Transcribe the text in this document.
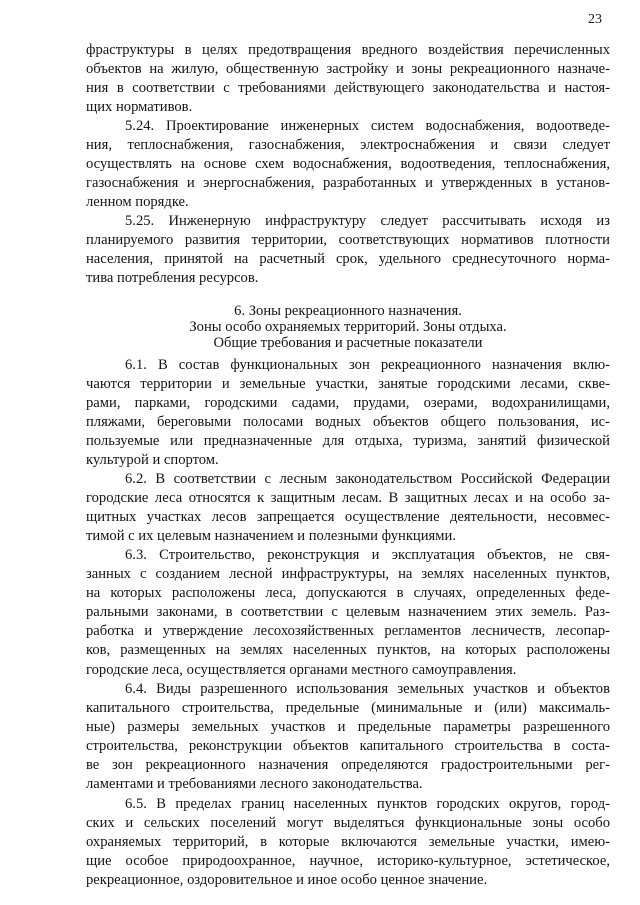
23

фраструктуры в целях предотвращения вредного воздействия перечисленных
объектов на жилую, общественную застройку и зоны рекреационного назначе-
ния в соответствии с требованиями действующего законодательства и настоя-
щих нормативов.

5.24. Проектирование инженерных систем водоснабжения, водоотведе-
ния, теплоснабжения, газоснабжения, электроснабжения и связи следует
осуществлять на основе схем водоснабжения, водоотведения, теплоснабжения,
газоснабжения и энергоснабжения, разработанных и утвержденных в установ-
ленном порядке.

5.25. Инженерную инфраструктуру следует рассчитывать исходя из
планируемого развития территории, соответствующих нормативов плотности
населения, принятой на расчетный срок, удельного среднесуточного норма-
тива потребления ресурсов.

6.1. В состав функциональных зон рекреационного назначения вклю-
чаются территории и земельные участки, занятые городскими лесами, скве-
рами, парками, городскими садами, прудами, озерами, водохранилищами,
пляжами, береговыми полосами водных объектов общего пользования, ис-
пользуемые или предназначенные для отдыха, туризма, занятий физической
культурой и спортом.

6.2. В соответствии с лесным законодательством Российской Федерации
городские леса относятся к защитным лесам. В защитных лесах и на особо за-
щитных участках лесов запрещается осуществление деятельности, несовмес-
тимой с их целевым назначением и полезными функциями.

6.3. Строительство, реконструкция и эксплуатация объектов, не свя-
занных с созданием лесной инфраструктуры, на землях населенных пунктов,
на которых расположены леса, допускаются в случаях, определенных феде-
ральными законами, в соответствии с целевым назначением этих земель. Раз-
работка и утверждение лесохозяйственных регламентов лесничеств, лесопар-
ков, размещенных на землях населенных пунктов, на которых расположены
городские леса, осуществляется органами местного самоуправления.

6.4. Виды разрешенного использования земельных участков и объектов
капитального строительства, предельные (минимальные и (или) максималь-
ные) размеры земельных участков и предельные параметры разрешенного
строительства, реконструкции объектов капитального строительства в соста-
ве зон рекреационного назначения определяются градостроительными рег-
ламентами и требованиями лесного законодательства.

6.5. В пределах границ населенных пунктов городских округов, город-
ских и сельских поселений могут выделяться функциональные зоны особо
охраняемых территорий, в которые включаются земельные участки, имею-
щие особое природоохранное, научное, историко-культурное, эстетическое,
рекреационное, оздоровительное и иное особо ценное значение.

6. Зоны рекреационного назначения.
Зоны особо охраняемых территорий. Зоны отдыха.
Общие требования и расчетные показатели
